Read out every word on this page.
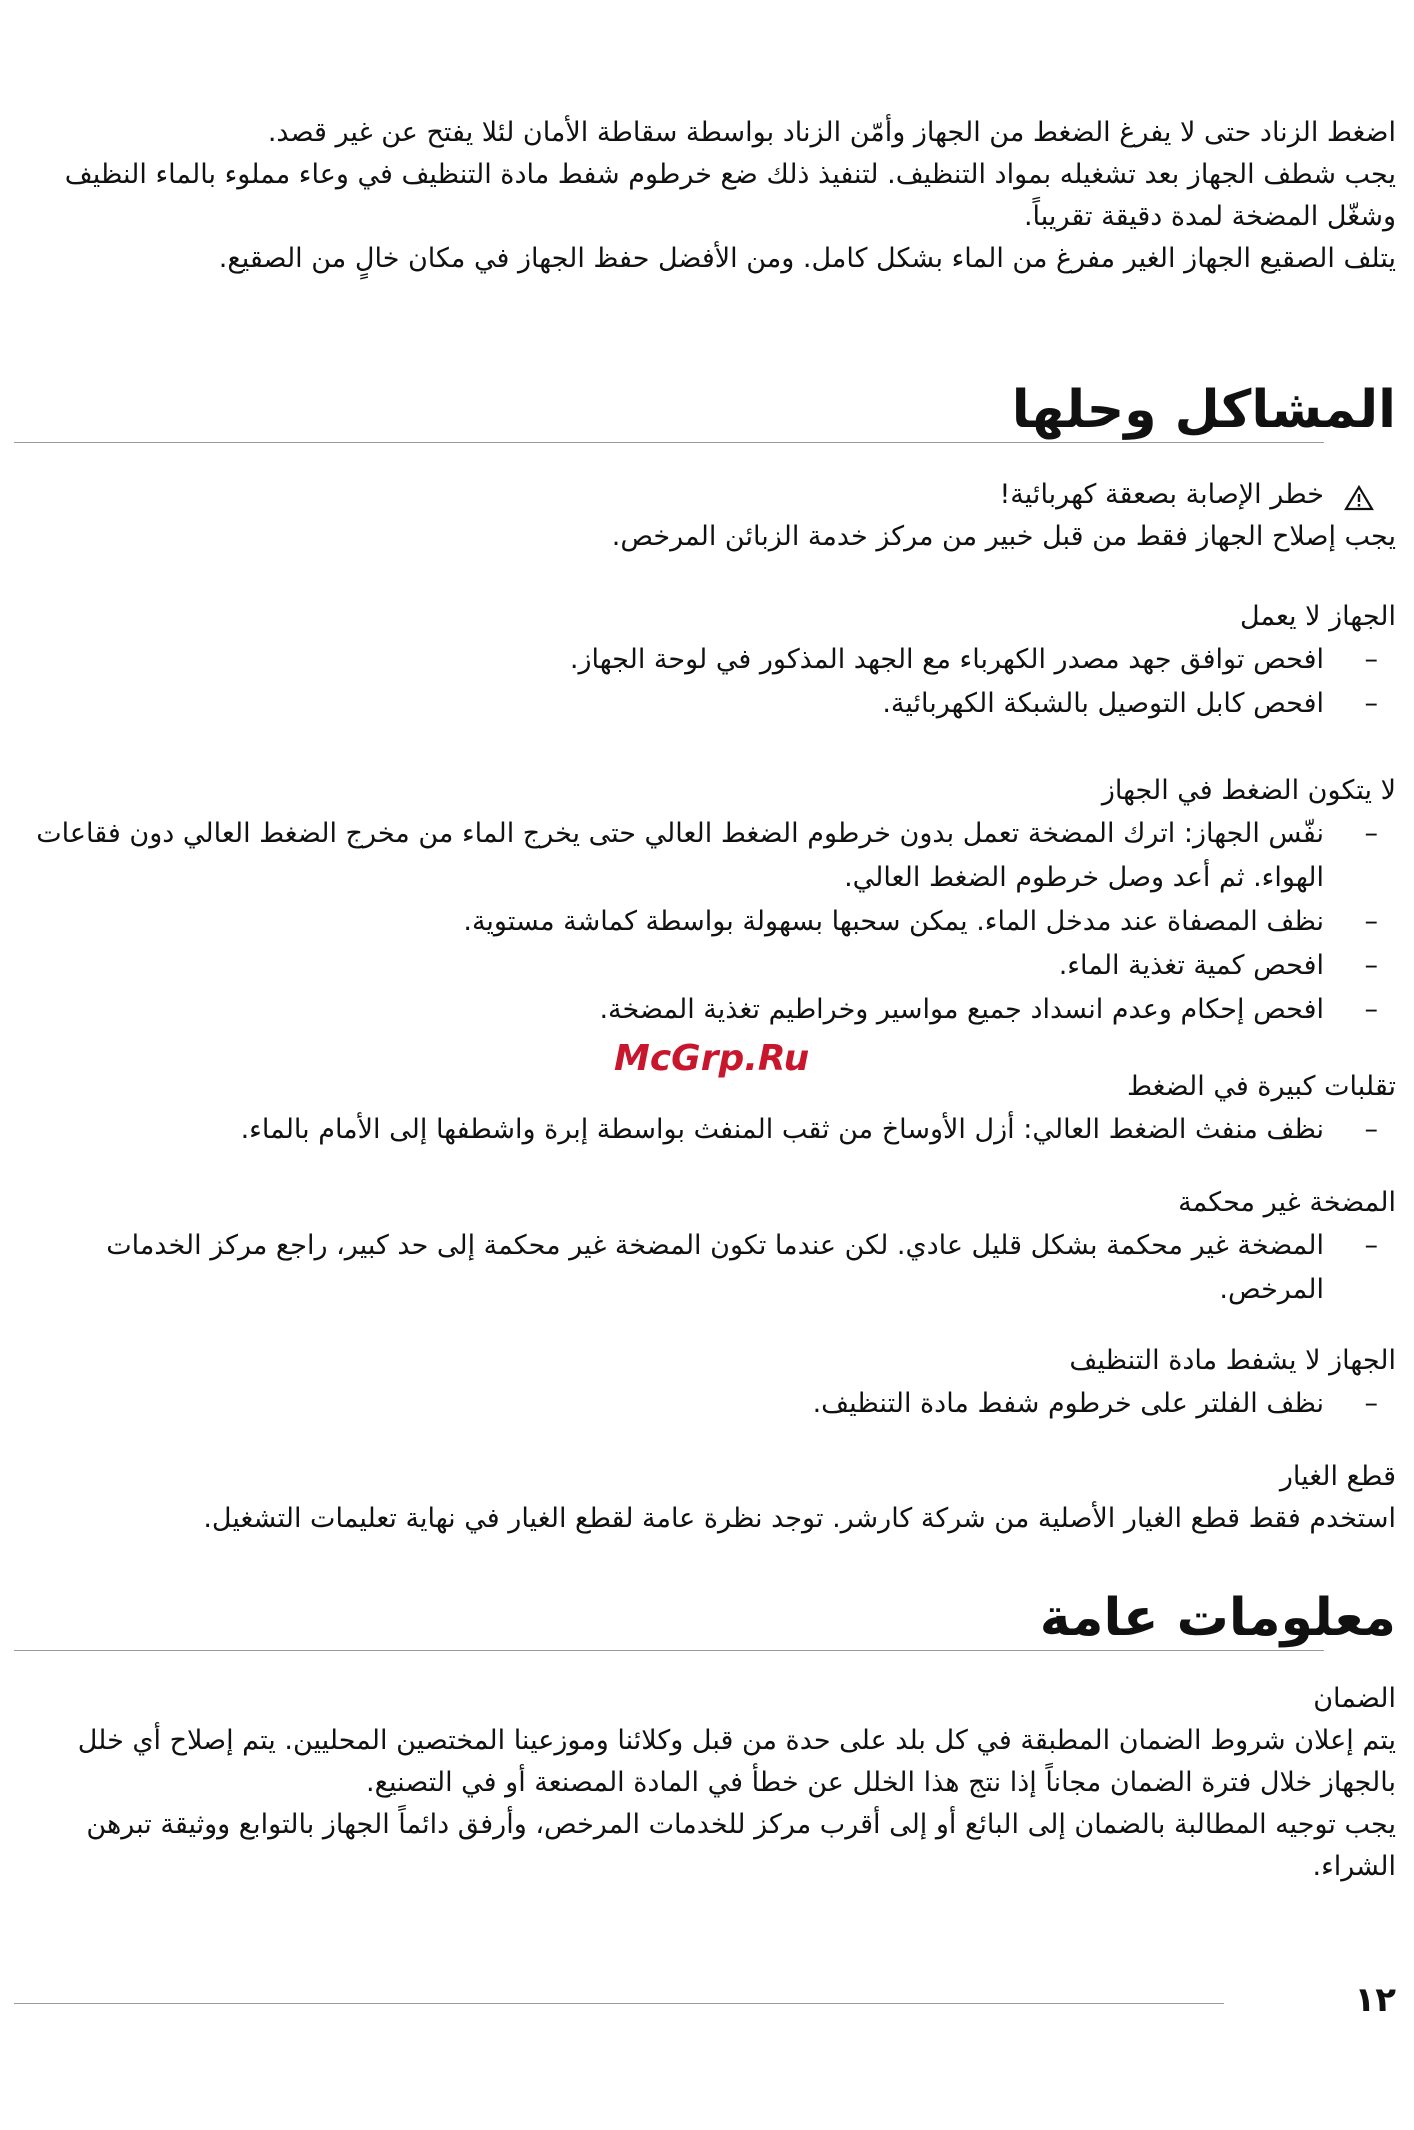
اضغط الزناد حتى لا يفرغ الضغط من الجهاز وأمّن الزناد بواسطة سقاطة الأمان لئلا يفتح عن غير قصد.

يجب شطف الجهاز بعد تشغيله بمواد التنظيف. لتنفيذ ذلك ضع خرطوم شفط مادة التنظيف في وعاء مملوء بالماء النظيف

وشغّل المضخة لمدة دقيقة تقريباً.

يتلف الصقيع الجهاز الغير مفرغ من الماء بشكل كامل. ومن الأفضل حفظ الجهاز في مكان خالٍ من الصقيع.

المشاكل وحلها

خطر الإصابة بصعقة كهربائية!

يجب إصلاح الجهاز فقط من قبل خبير من مركز خدمة الزبائن المرخص.

الجهاز لا يعمل

–
افحص توافق جهد مصدر الكهرباء مع الجهد المذكور في لوحة الجهاز.

–
افحص كابل التوصيل بالشبكة الكهربائية.

لا يتكون الضغط في الجهاز

–
نفّس الجهاز: اترك المضخة تعمل بدون خرطوم الضغط العالي حتى يخرج الماء من مخرج الضغط العالي دون فقاعات الهواء. ثم أعد وصل خرطوم الضغط العالي.

–
نظف المصفاة عند مدخل الماء. يمكن سحبها بسهولة بواسطة كماشة مستوية.

–
افحص كمية تغذية الماء.

–
افحص إحكام وعدم انسداد جميع مواسير وخراطيم تغذية المضخة.

McGrp.Ru

تقلبات كبيرة في الضغط

–
نظف منفث الضغط العالي: أزل الأوساخ من ثقب المنفث بواسطة إبرة واشطفها إلى الأمام بالماء.

المضخة غير محكمة

–
المضخة غير محكمة بشكل قليل عادي. لكن عندما تكون المضخة غير محكمة إلى حد كبير، راجع مركز الخدمات المرخص.

الجهاز لا يشفط مادة التنظيف

–
نظف الفلتر على خرطوم شفط مادة التنظيف.

قطع الغيار

استخدم فقط قطع الغيار الأصلية من شركة كارشر. توجد نظرة عامة لقطع الغيار في نهاية تعليمات التشغيل.

معلومات عامة

الضمان

يتم إعلان شروط الضمان المطبقة في كل بلد على حدة من قبل وكلائنا وموزعينا المختصين المحليين. يتم إصلاح أي خلل بالجهاز خلال فترة الضمان مجاناً إذا نتج هذا الخلل عن خطأ في المادة المصنعة أو في التصنيع.

يجب توجيه المطالبة بالضمان إلى البائع أو إلى أقرب مركز للخدمات المرخص، وأرفق دائماً الجهاز بالتوابع ووثيقة تبرهن الشراء.

١٢
